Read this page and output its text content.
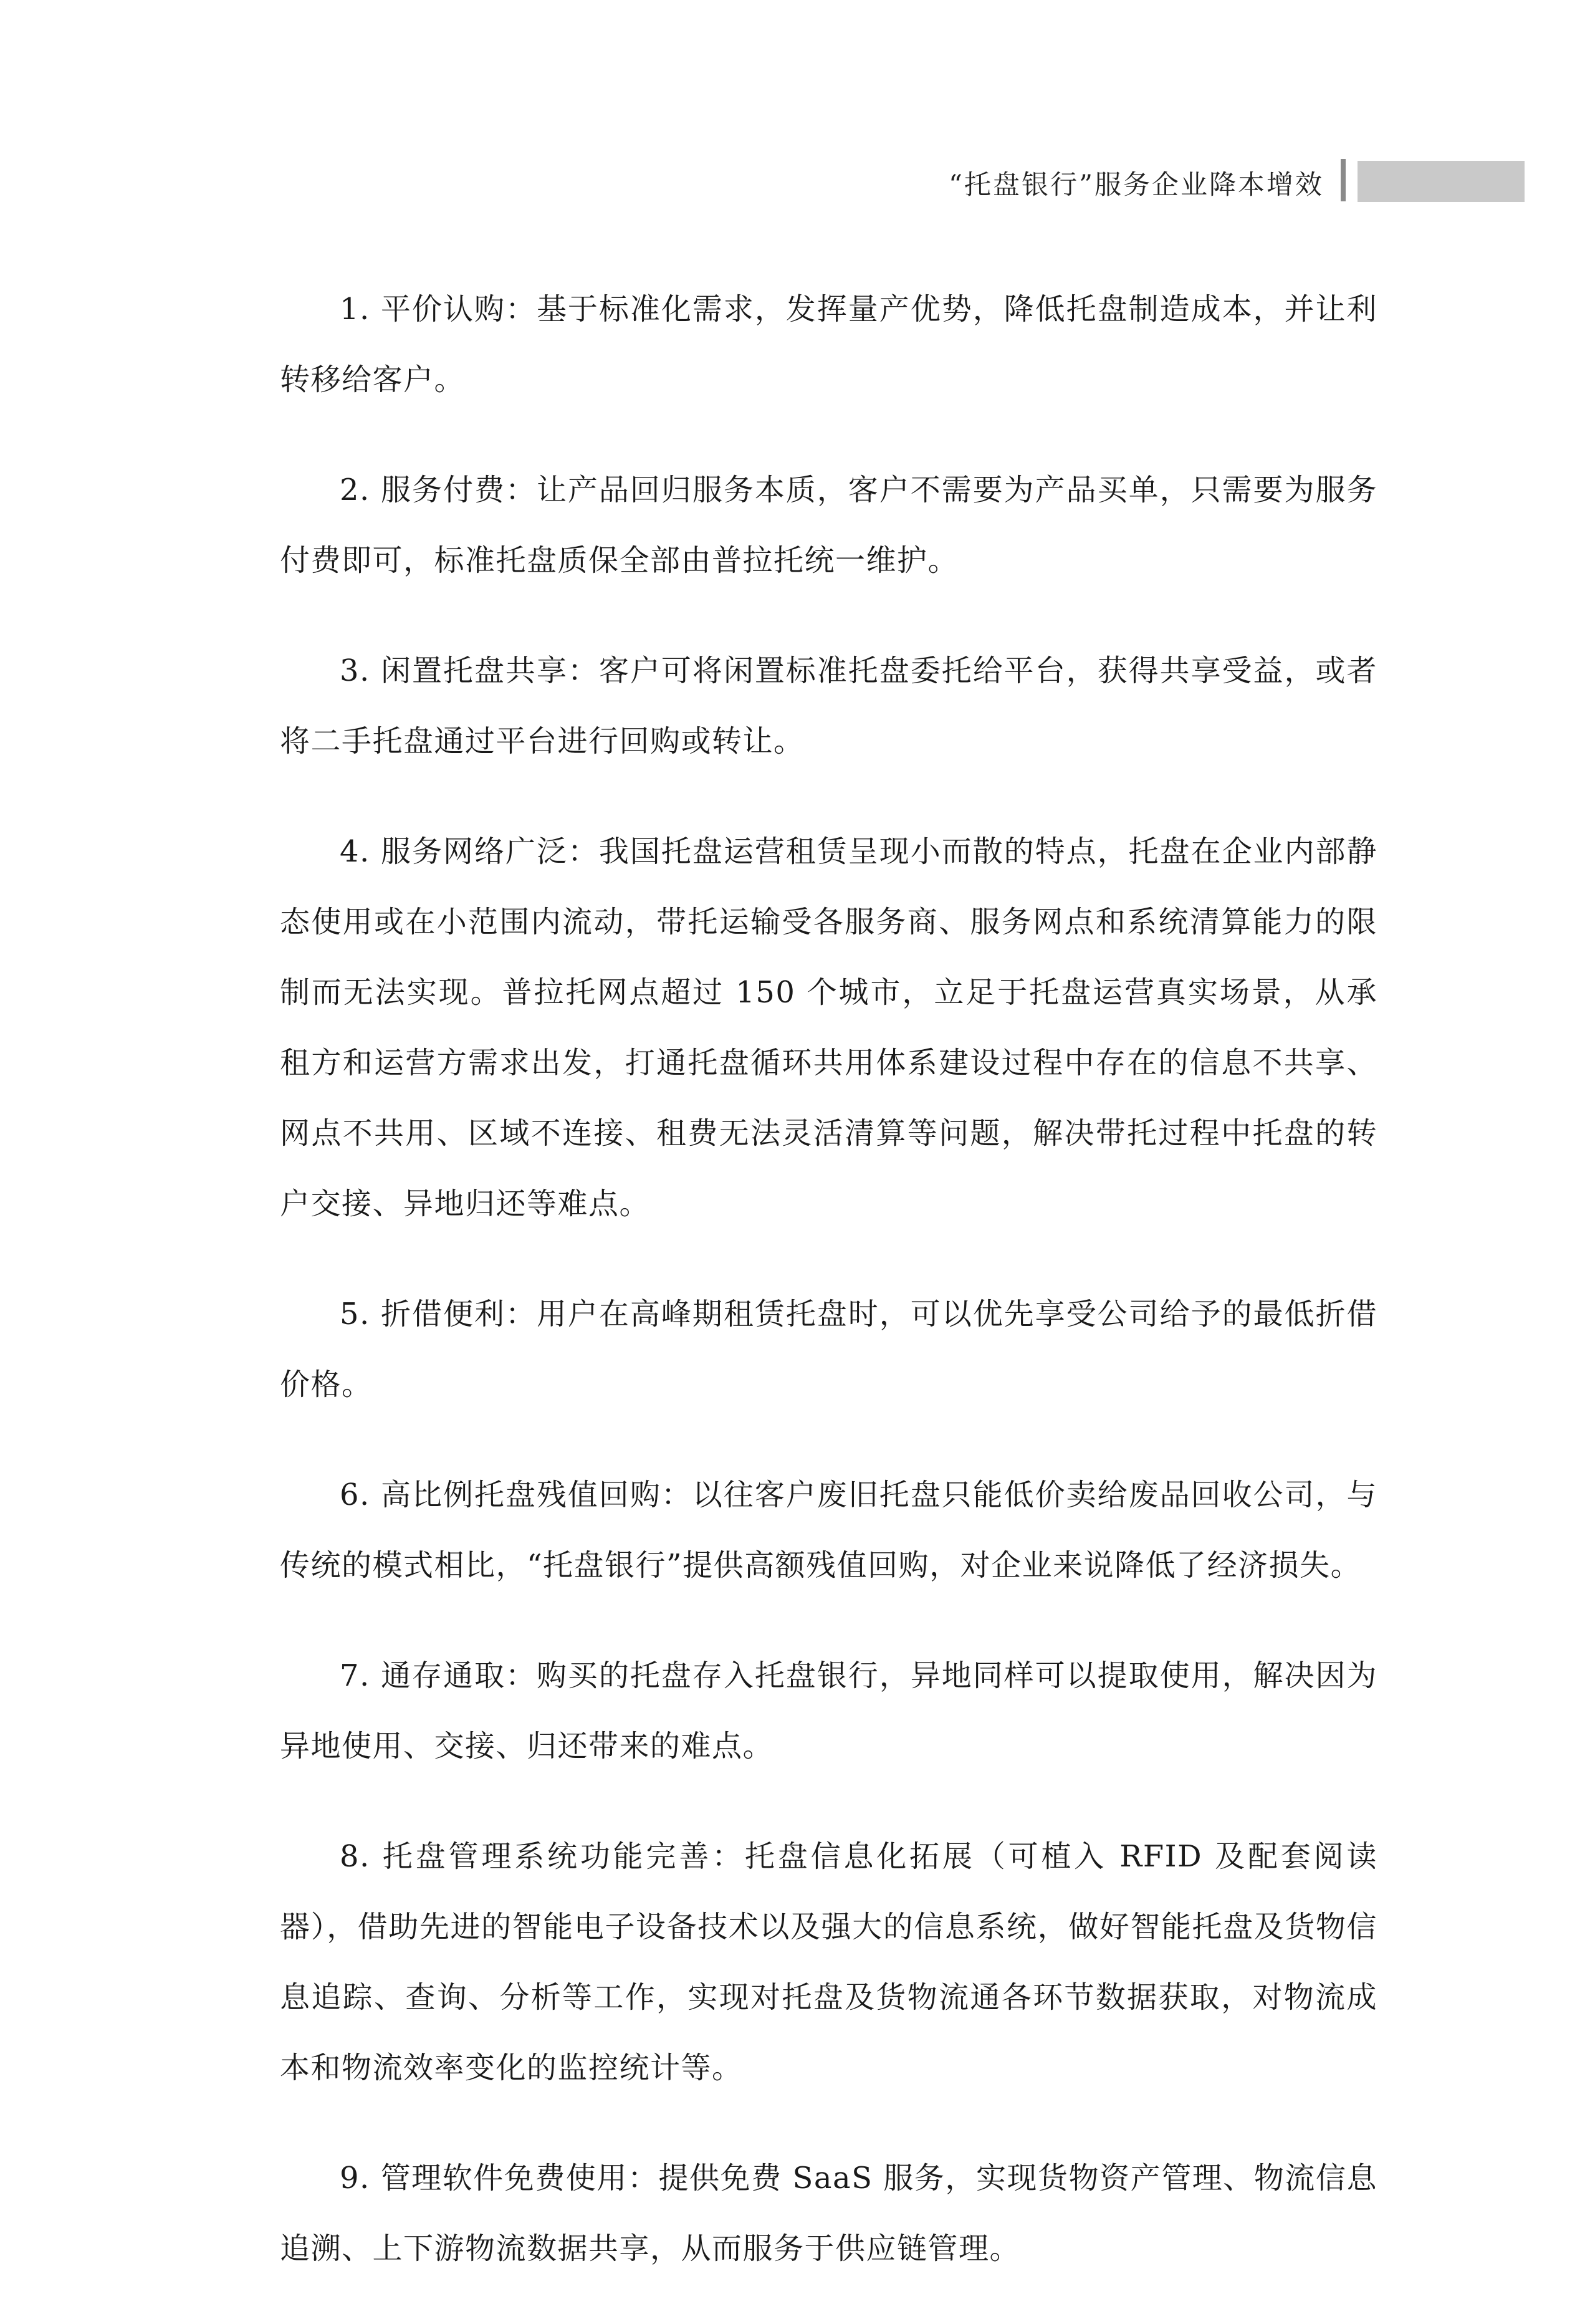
“托盘银行”服务企业降本增效

1. 平价认购：基于标准化需求，发挥量产优势，降低托盘制造成本，并让利转移给客户。

2. 服务付费：让产品回归服务本质，客户不需要为产品买单，只需要为服务付费即可，标准托盘质保全部由普拉托统一维护。

3. 闲置托盘共享：客户可将闲置标准托盘委托给平台，获得共享受益，或者将二手托盘通过平台进行回购或转让。

4. 服务网络广泛：我国托盘运营租赁呈现小而散的特点，托盘在企业内部静态使用或在小范围内流动，带托运输受各服务商、服务网点和系统清算能力的限制而无法实现。普拉托网点超过 150 个城市，立足于托盘运营真实场景，从承租方和运营方需求出发，打通托盘循环共用体系建设过程中存在的信息不共享、网点不共用、区域不连接、租费无法灵活清算等问题，解决带托过程中托盘的转户交接、异地归还等难点。

5. 折借便利：用户在高峰期租赁托盘时，可以优先享受公司给予的最低折借价格。

6. 高比例托盘残值回购：以往客户废旧托盘只能低价卖给废品回收公司，与传统的模式相比，“托盘银行”提供高额残值回购，对企业来说降低了经济损失。

7. 通存通取：购买的托盘存入托盘银行，异地同样可以提取使用，解决因为异地使用、交接、归还带来的难点。

8. 托盘管理系统功能完善：托盘信息化拓展（可植入 RFID 及配套阅读器），借助先进的智能电子设备技术以及强大的信息系统，做好智能托盘及货物信息追踪、查询、分析等工作，实现对托盘及货物流通各环节数据获取，对物流成本和物流效率变化的监控统计等。

9. 管理软件免费使用：提供免费 SaaS 服务，实现货物资产管理、物流信息追溯、上下游物流数据共享，从而服务于供应链管理。
